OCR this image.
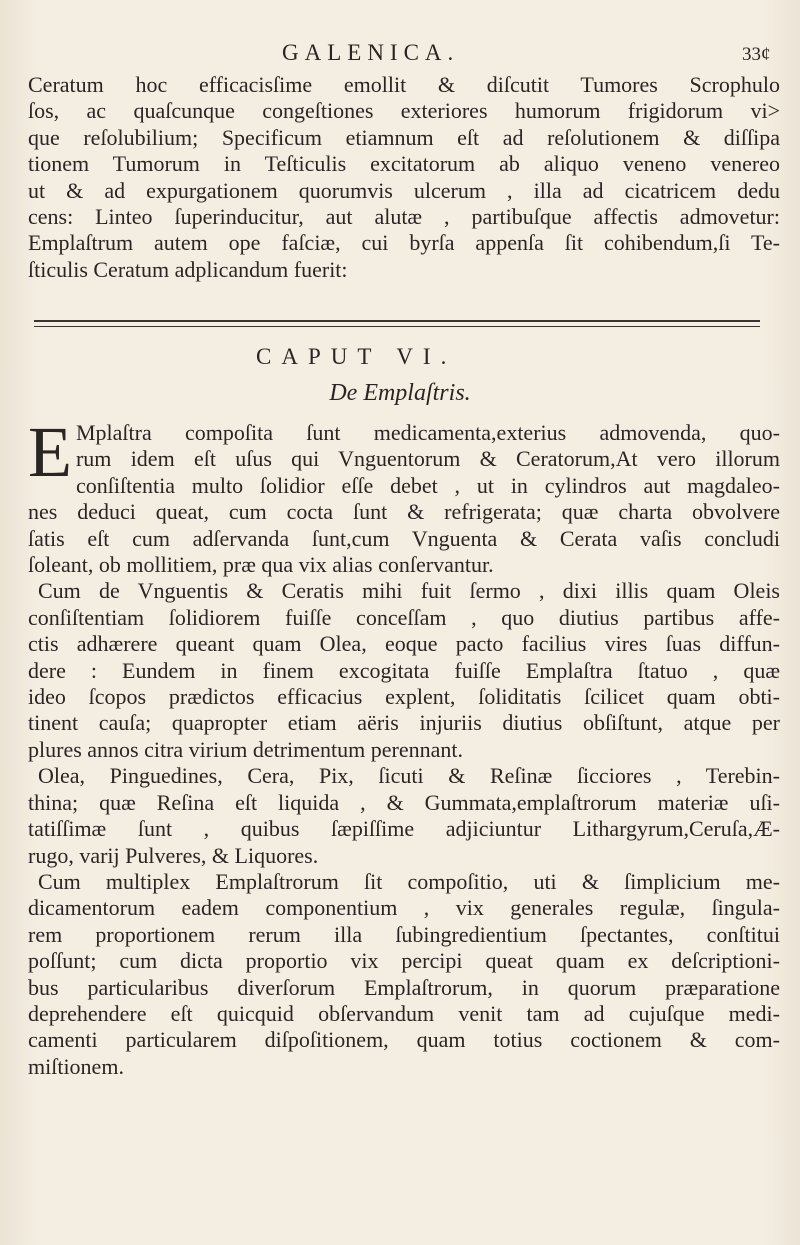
GALENICA.	33¢
Ceratum hoc efficacisſime emollit & diſcutit Tumores Scrophulo
ſos, ac quaſcunque congeſtiones exteriores humorum frigidorum vi>
que reſolubilium; Specificum etiamnum eſt ad reſolutionem & diſſipa
tionem Tumorum in Teſticulis excitatorum ab aliquo veneno venereo
ut & ad expurgationem quorumvis ulcerum , illa ad cicatricem dedu
cens: Linteo ſuperinducitur, aut alutæ , partibuſque affectis admovetur:
Emplaſtrum autem ope faſciæ, cui byrſa appenſa ſit cohibendum,ſi Te-
ſticulis Ceratum adplicandum fuerit:
CAPUT VI.
De Emplaſtris.
E Mplaſtra compoſita ſunt medicamenta,exterius admovenda, quo-
rum idem eſt uſus qui Vnguentorum & Ceratorum,At vero illorum
conſiſtentia multo ſolidior eſſe debet , ut in cylindros aut magdaleo-
nes deduci queat, cum cocta ſunt & refrigerata; quæ charta obvolvere
ſatis eſt cum adſervanda ſunt,cum Vnguenta & Cerata vaſis concludi
ſoleant, ob mollitiem, præ qua vix alias conſervantur.
Cum de Vnguentis & Ceratis mihi fuit ſermo , dixi illis quam Oleis
conſiſtentiam ſolidiorem fuiſſe conceſſam , quo diutius partibus affe-
ctis adhærere queant quam Olea, eoque pacto facilius vires ſuas diffun-
dere : Eundem in finem excogitata fuiſſe Emplaſtra ſtatuo , quæ
ideo ſcopos prædictos efficacius explent, ſoliditatis ſcilicet quam obti-
tinent cauſa; quapropter etiam aëris injuriis diutius obſiſtunt, atque per
plures annos citra virium detrimentum perennant.
Olea, Pinguedines, Cera, Pix, ſicuti & Reſinæ ſicciores , Terebin-
thina; quæ Reſina eſt liquida , & Gummata,emplaſtrorum materiæ uſi-
tatiſſimæ ſunt , quibus ſæpiſſime adjiciuntur Lithargyrum,Ceruſa,Æ-
rugo, varij Pulveres, & Liquores.
Cum multiplex Emplaſtrorum ſit compoſitio, uti & ſimplicium me-
dicamentorum eadem componentium , vix generales regulæ, ſingula-
rem proportionem rerum illa ſubingredientium ſpectantes, conſtitui
poſſunt; cum dicta proportio vix percipi queat quam ex deſcriptioni-
bus particularibus diverſorum Emplaſtrorum, in quorum præparatione
deprehendere eſt quicquid obſervandum venit tam ad cujuſque medi-
camenti particularem diſpoſitionem, quam totius coctionem & com-
miſtionem.
